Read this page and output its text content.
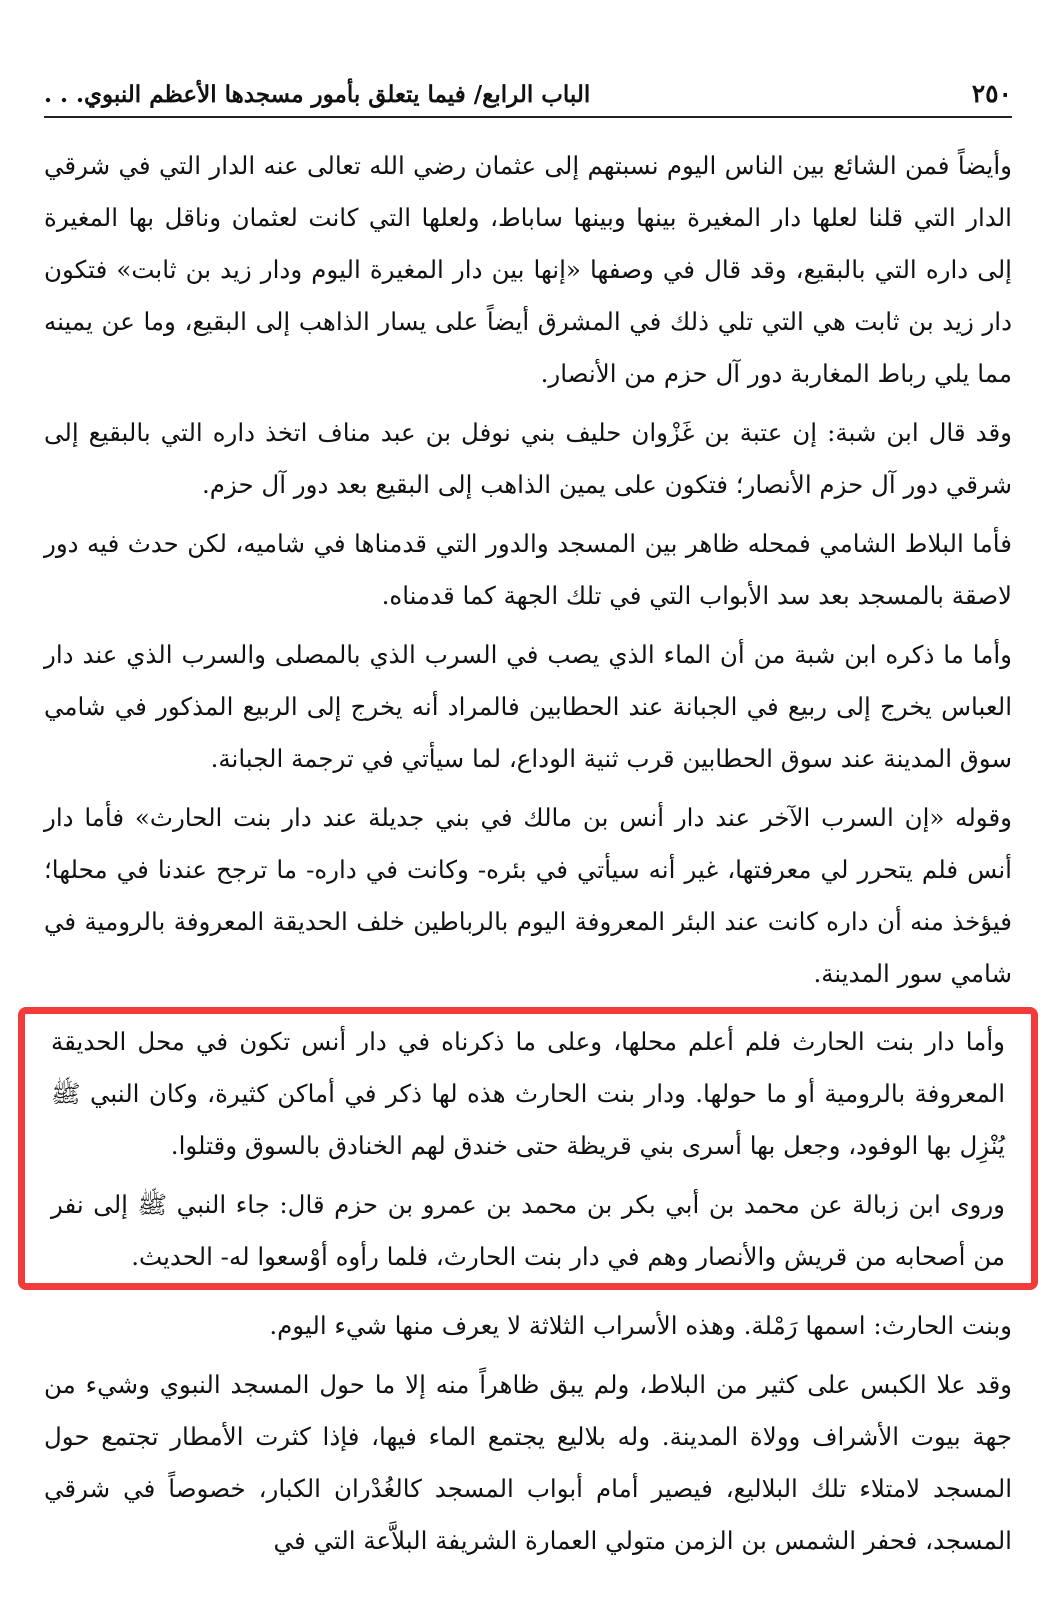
٢٥٠
الباب الرابع/ فيما يتعلق بأمور مسجدها الأعظم النبوي. . .

وأيضاً فمن الشائع بين الناس اليوم نسبتهم إلى عثمان رضي الله تعالى عنه الدار التي في شرقي الدار التي قلنا لعلها دار المغيرة بينها وبينها ساباط، ولعلها التي كانت لعثمان وناقل بها المغيرة إلى داره التي بالبقيع، وقد قال في وصفها «إنها بين دار المغيرة اليوم ودار زيد بن ثابت» فتكون دار زيد بن ثابت هي التي تلي ذلك في المشرق أيضاً على يسار الذاهب إلى البقيع، وما عن يمينه مما يلي رباط المغاربة دور آل حزم من الأنصار.

وقد قال ابن شبة: إن عتبة بن غَزْوان حليف بني نوفل بن عبد مناف اتخذ داره التي بالبقيع إلى شرقي دور آل حزم الأنصار؛ فتكون على يمين الذاهب إلى البقيع بعد دور آل حزم.

فأما البلاط الشامي فمحله ظاهر بين المسجد والدور التي قدمناها في شاميه، لكن حدث فيه دور لاصقة بالمسجد بعد سد الأبواب التي في تلك الجهة كما قدمناه.

وأما ما ذكره ابن شبة من أن الماء الذي يصب في السرب الذي بالمصلى والسرب الذي عند دار العباس يخرج إلى ربيع في الجبانة عند الحطابين فالمراد أنه يخرج إلى الربيع المذكور في شامي سوق المدينة عند سوق الحطابين قرب ثنية الوداع، لما سيأتي في ترجمة الجبانة.

وقوله «إن السرب الآخر عند دار أنس بن مالك في بني جديلة عند دار بنت الحارث» فأما دار أنس فلم يتحرر لي معرفتها، غير أنه سيأتي في بئره- وكانت في داره- ما ترجح عندنا في محلها؛ فيؤخذ منه أن داره كانت عند البئر المعروفة اليوم بالرباطين خلف الحديقة المعروفة بالرومية في شامي سور المدينة.

وأما دار بنت الحارث فلم أعلم محلها، وعلى ما ذكرناه في دار أنس تكون في محل الحديقة المعروفة بالرومية أو ما حولها. ودار بنت الحارث هذه لها ذكر في أماكن كثيرة، وكان النبي ﷺ يُنْزِل بها الوفود، وجعل بها أسرى بني قريظة حتى خندق لهم الخنادق بالسوق وقتلوا.

وروى ابن زبالة عن محمد بن أبي بكر بن محمد بن عمرو بن حزم قال: جاء النبي ﷺ إلى نفر من أصحابه من قريش والأنصار وهم في دار بنت الحارث، فلما رأوه أوْسعوا له- الحديث.

وبنت الحارث: اسمها رَمْلة. وهذه الأسراب الثلاثة لا يعرف منها شيء اليوم.

وقد علا الكبس على كثير من البلاط، ولم يبق ظاهراً منه إلا ما حول المسجد النبوي وشيء من جهة بيوت الأشراف وولاة المدينة. وله بلاليع يجتمع الماء فيها، فإذا كثرت الأمطار تجتمع حول المسجد لامتلاء تلك البلاليع، فيصير أمام أبواب المسجد كالغُدْران الكبار، خصوصاً في شرقي المسجد، فحفر الشمس بن الزمن متولي العمارة الشريفة البلاَّعة التي في
